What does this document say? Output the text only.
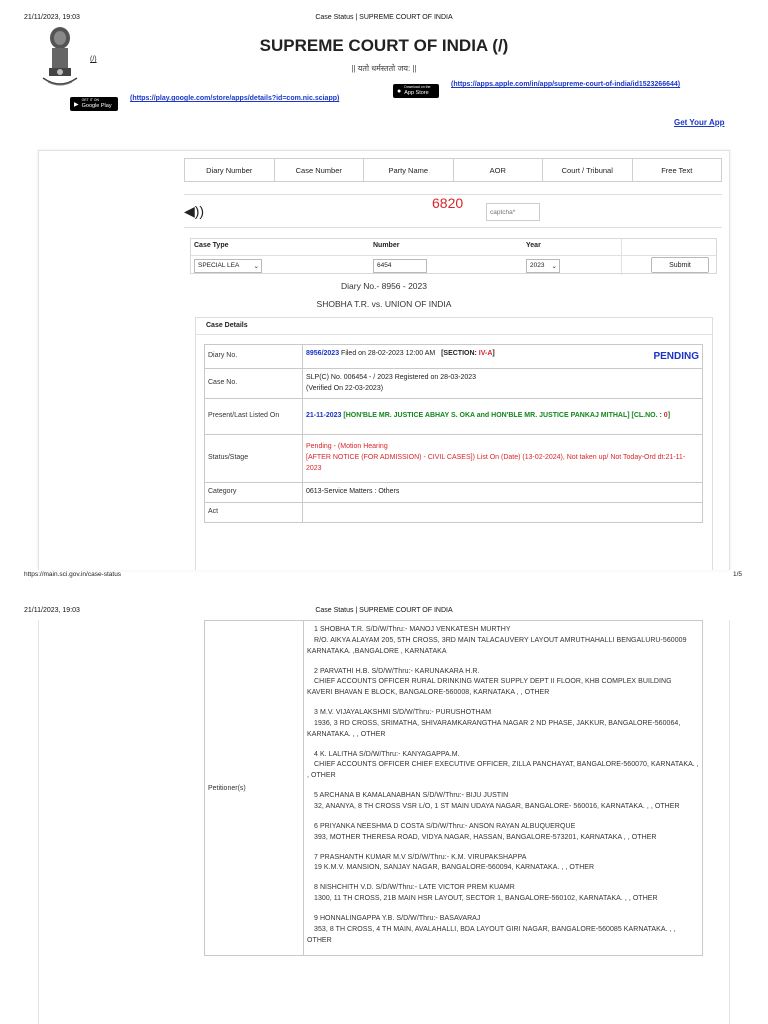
21/11/2023, 19:03	Case Status | SUPREME COURT OF INDIA
(/)
SUPREME COURT OF INDIA (/)
|| यतो धर्मस्ततो जय: ||
▶
GET IT ON
Google Play
(https://play.google.com/store/apps/details?id=com.nic.sciapp)
●
Download on the
App Store
(https://apps.apple.com/in/app/supreme-court-of-india/id1523266644)
Get Your App
Diary Number	Case Number	Party Name	AOR	Court / Tribunal	Free Text
◀))	6820
captcha*
Case Type	Number	Year
SPECIAL LEA ⌄	6454	2023 ⌄	Submit
Diary No.- 8956 - 2023
SHOBHA T.R. vs. UNION OF INDIA
Case Details
Diary No.	8956/2023 Filed on 28-02-2023 12:00 AM [SECTION: IV-A] PENDING

Case No.	SLP(C) No. 006454 - / 2023 Registered on 28-03-2023
(Verified On 22-03-2023)

Present/Last Listed On	21-11-2023 [HON'BLE MR. JUSTICE ABHAY S. OKA and HON'BLE MR. JUSTICE PANKAJ MITHAL] [CL.NO. : 0]
Status/Stage	Pending - (Motion Hearing
[AFTER NOTICE (FOR ADMISSION) - CIVIL CASES]) List On (Date) (13-02-2024), Not taken up/ Not Today-Ord dt:21-11-2023

Category	0613-Service Matters : Others
Act	
https://main.sci.gov.in/case-status	1/5
21/11/2023, 19:03	Case Status | SUPREME COURT OF INDIA
Petitioner(s)	
1 SHOBHA T.R. S/D/W/Thru:- MANOJ VENKATESH MURTHY
R/O. AIKYA ALAYAM 205, 5TH CROSS, 3RD MAIN TALACAUVERY LAYOUT AMRUTHAHALLI BENGALURU-560009 KARNATAKA. ,BANGALORE , KARNATAKA
2 PARVATHI H.B. S/D/W/Thru:- KARUNAKARA H.R.
CHIEF ACCOUNTS OFFICER RURAL DRINKING WATER SUPPLY DEPT II FLOOR, KHB COMPLEX BUILDING KAVERI BHAVAN E BLOCK, BANGALORE-560008, KARNATAKA , , OTHER
3 M.V. VIJAYALAKSHMI S/D/W/Thru:- PURUSHOTHAM
1936, 3 RD CROSS, SRIMATHA, SHIVARAMKARANGTHA NAGAR 2 ND PHASE, JAKKUR, BANGALORE-560064, KARNATAKA. , , OTHER
4 K. LALITHA S/D/W/Thru:- KANYAGAPPA.M.
CHIEF ACCOUNTS OFFICER CHIEF EXECUTIVE OFFICER, ZILLA PANCHAYAT, BANGALORE-560070, KARNATAKA. , , OTHER
5 ARCHANA B KAMALANABHAN S/D/W/Thru:- BIJU JUSTIN
32, ANANYA, 8 TH CROSS VSR L/O, 1 ST MAIN UDAYA NAGAR, BANGALORE- 560016, KARNATAKA. , , OTHER
6 PRIYANKA NEESHMA D COSTA S/D/W/Thru:- ANSON RAYAN ALBUQUERQUE
393, MOTHER THERESA ROAD, VIDYA NAGAR, HASSAN, BANGALORE-573201, KARNATAKA , , OTHER
7 PRASHANTH KUMAR M.V S/D/W/Thru:- K.M. VIRUPAKSHAPPA
19 K.M.V. MANSION, SANJAY NAGAR, BANGALORE-560094, KARNATAKA. , , OTHER
8 NISHCHITH V.D. S/D/W/Thru:- LATE VICTOR PREM KUAMR
1300, 11 TH CROSS, 21B MAIN HSR LAYOUT, SECTOR 1, BANGALORE-560102, KARNATAKA. , , OTHER
9 HONNALINGAPPA Y.B. S/D/W/Thru:- BASAVARAJ
353, 8 TH CROSS, 4 TH MAIN, AVALAHALLI, BDA LAYOUT GIRI NAGAR, BANGALORE-560085 KARNATAKA. , , OTHER
